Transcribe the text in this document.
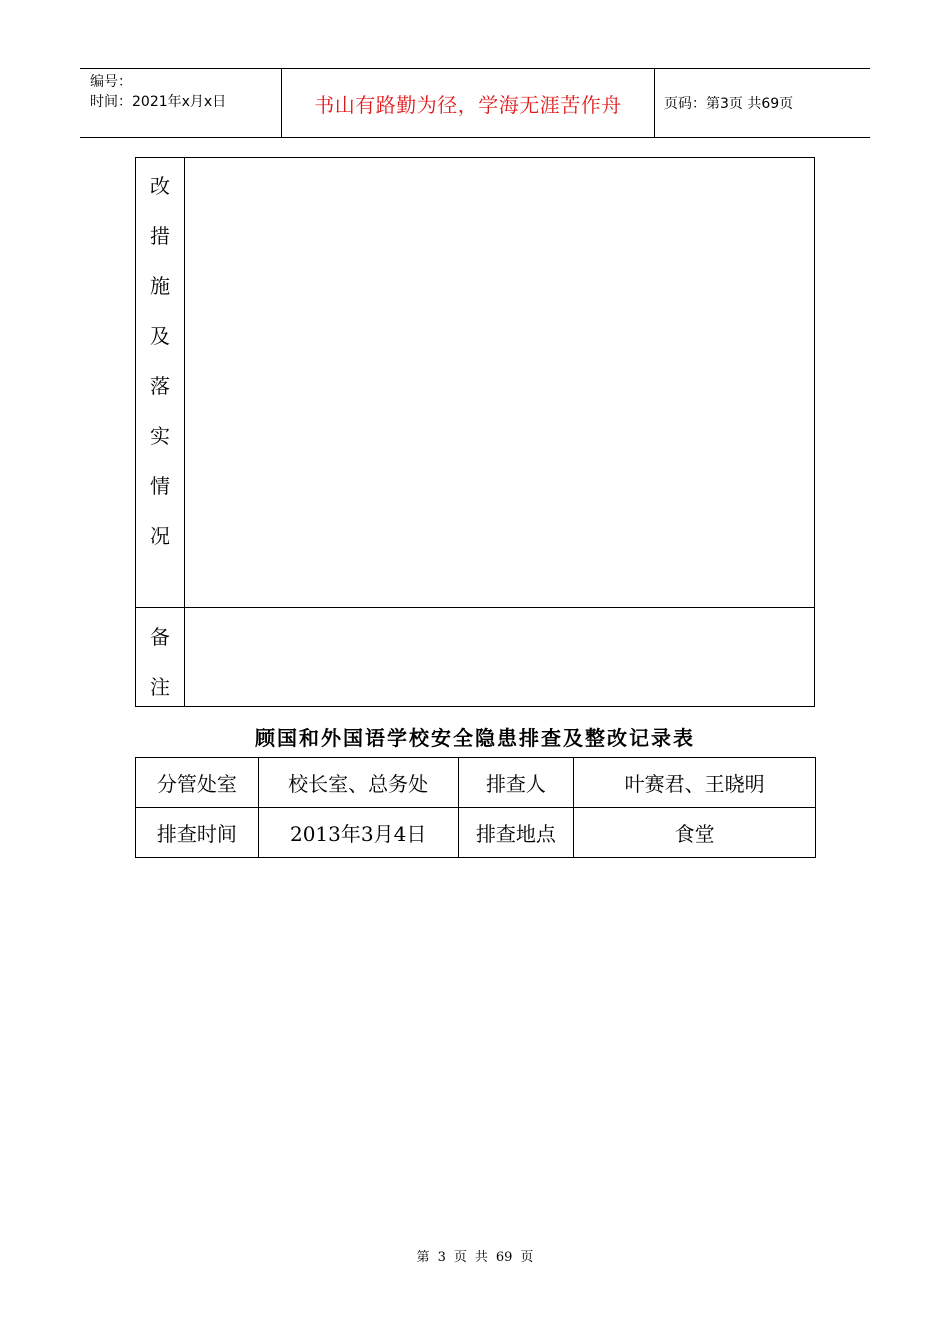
编号：
时间：2021年x月x日	书山有路勤为径，学海无涯苦作舟	页码：第3页 共69页
改
措
施
及
落
实
情
况
备
注
顾国和外国语学校安全隐患排查及整改记录表
分管处室	校长室、总务处	排查人	叶赛君、王晓明
排查时间	2013年3月4日	排查地点	食堂
第 3 页 共 69 页
